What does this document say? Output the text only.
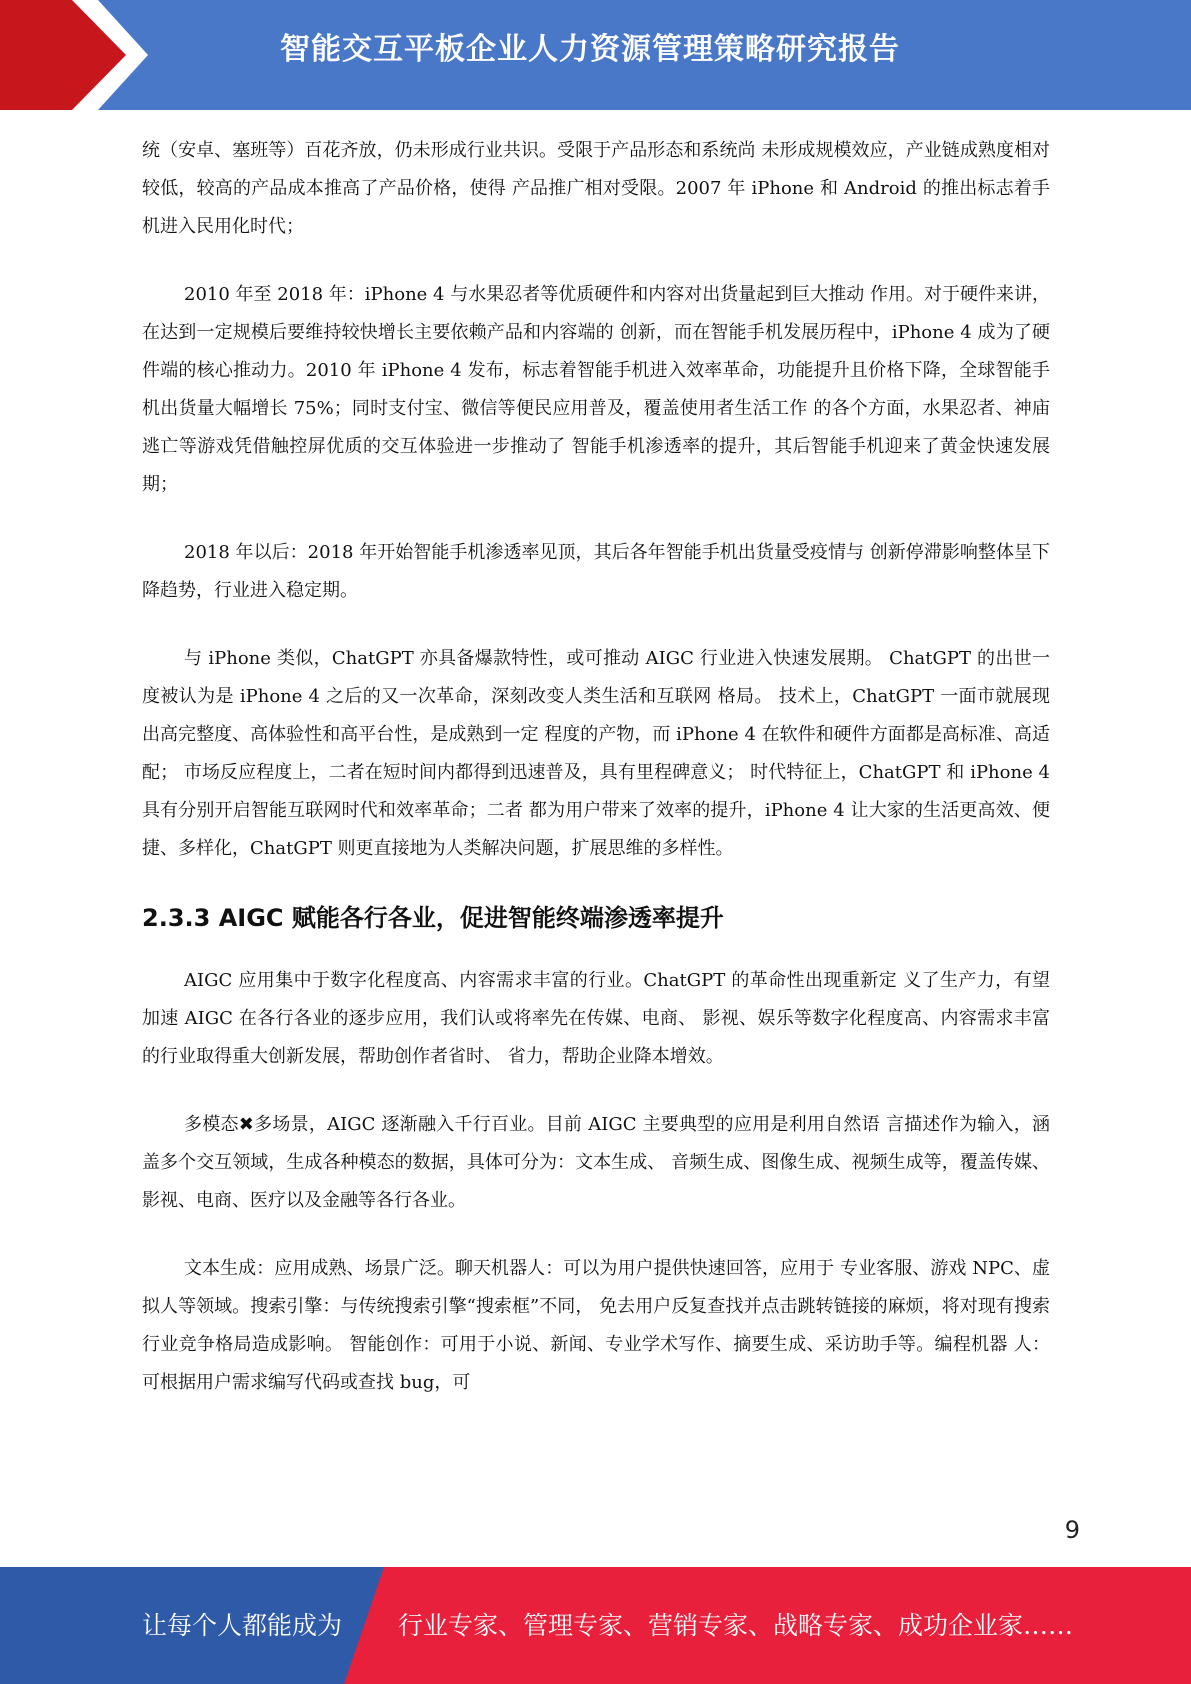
智能交互平板企业人力资源管理策略研究报告

统（安卓、塞班等）百花齐放，仍未形成行业共识。受限于产品形态和系统尚 未形成规模效应，产业链成熟度相对较低，较高的产品成本推高了产品价格，使得 产品推广相对受限。2007 年 iPhone 和 Android 的推出标志着手机进入民用化时代；

2010 年至 2018 年：iPhone 4 与水果忍者等优质硬件和内容对出货量起到巨大推动 作用。对于硬件来讲，在达到一定规模后要维持较快增长主要依赖产品和内容端的 创新，而在智能手机发展历程中，iPhone 4 成为了硬件端的核心推动力。2010 年 iPhone 4 发布，标志着智能手机进入效率革命，功能提升且价格下降，全球智能手 机出货量大幅增长 75%；同时支付宝、微信等便民应用普及，覆盖使用者生活工作 的各个方面，水果忍者、神庙逃亡等游戏凭借触控屏优质的交互体验进一步推动了 智能手机渗透率的提升，其后智能手机迎来了黄金快速发展期；

2018 年以后：2018 年开始智能手机渗透率见顶，其后各年智能手机出货量受疫情与 创新停滞影响整体呈下降趋势，行业进入稳定期。

与 iPhone 类似，ChatGPT 亦具备爆款特性，或可推动 AIGC 行业进入快速发展期。 ChatGPT 的出世一度被认为是 iPhone 4 之后的又一次革命，深刻改变人类生活和互联网 格局。 技术上，ChatGPT 一面市就展现出高完整度、高体验性和高平台性，是成熟到一定 程度的产物，而 iPhone 4 在软件和硬件方面都是高标准、高适配； 市场反应程度上，二者在短时间内都得到迅速普及，具有里程碑意义； 时代特征上，ChatGPT 和 iPhone 4 具有分别开启智能互联网时代和效率革命；二者 都为用户带来了效率的提升，iPhone 4 让大家的生活更高效、便捷、多样化，ChatGPT 则更直接地为人类解决问题，扩展思维的多样性。

2.3.3 AIGC 赋能各行各业，促进智能终端渗透率提升

AIGC 应用集中于数字化程度高、内容需求丰富的行业。ChatGPT 的革命性出现重新定 义了生产力，有望加速 AIGC 在各行各业的逐步应用，我们认或将率先在传媒、电商、 影视、娱乐等数字化程度高、内容需求丰富的行业取得重大创新发展，帮助创作者省时、 省力，帮助企业降本增效。

多模态✖多场景，AIGC 逐渐融入千行百业。目前 AIGC 主要典型的应用是利用自然语 言描述作为输入，涵盖多个交互领域，生成各种模态的数据，具体可分为：文本生成、 音频生成、图像生成、视频生成等，覆盖传媒、影视、电商、医疗以及金融等各行各业。

文本生成：应用成熟、场景广泛。聊天机器人：可以为用户提供快速回答，应用于 专业客服、游戏 NPC、虚拟人等领域。搜索引擎：与传统搜索引擎“搜索框”不同， 免去用户反复查找并点击跳转链接的麻烦，将对现有搜索行业竞争格局造成影响。 智能创作：可用于小说、新闻、专业学术写作、摘要生成、采访助手等。编程机器 人：可根据用户需求编写代码或查找 bug，可

9
让每个人都能成为 行业专家、管理专家、营销专家、战略专家、成功企业家……
